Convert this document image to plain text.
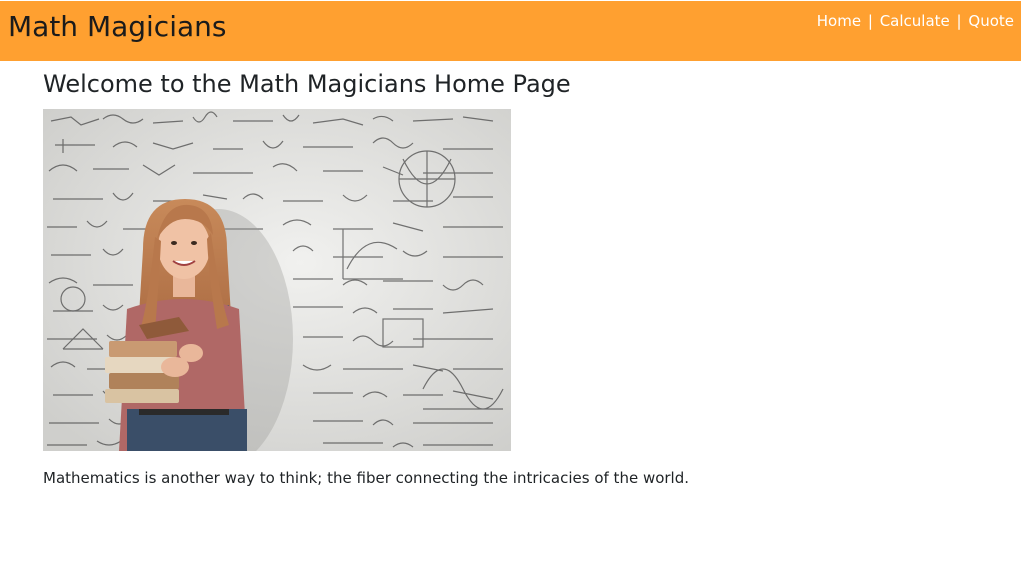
Math Magicians	Home | Calculate | Quote
Welcome to the Math Magicians Home Page

Mathematics is another way to think; the fiber connecting the intricacies of the world.
